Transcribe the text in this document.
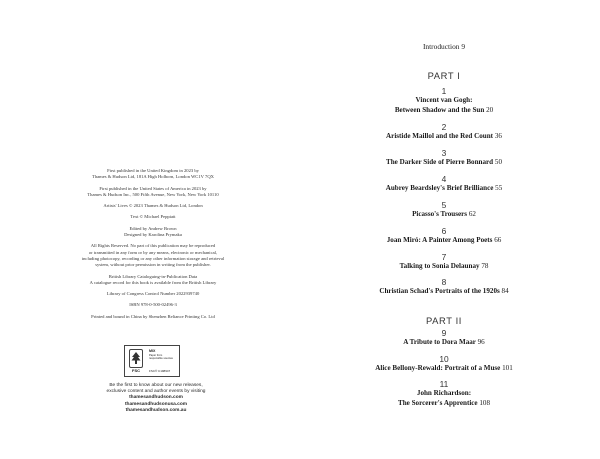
First published in the United Kingdom in 2023 by
Thames & Hudson Ltd, 181A High Holborn, London WC1V 7QX
First published in the United States of America in 2023 by
Thames & Hudson Inc., 500 Fifth Avenue, New York, New York 10110
Artists' Lives © 2023 Thames & Hudson Ltd, London
Text © Michael Peppiatt
Edited by Andrew Brown
Designed by Karolina Prymaka
All Rights Reserved. No part of this publication may be reproduced
or transmitted in any form or by any means, electronic or mechanical,
including photocopy, recording or any other information storage and retrieval
system, without prior permission in writing from the publisher.
British Library Cataloguing-in-Publication Data
A catalogue record for this book is available from the British Library
Library of Congress Control Number 2022939740
ISBN 978-0-500-02496-3
Printed and bound in China by Shenzhen Reliance Printing Co. Ltd
FSC
MIX
Paper from
responsible sources
FSC® C198947
Be the first to know about our new releases,
exclusive content and author events by visiting
thamesandhudson.com
thamesandhudsonusa.com
thamesandhudson.com.au
Introduction 9
PART I
1
Vincent van Gogh:
Between Shadow and the Sun 20
2
Aristide Maillol and the Red Count 36
3
The Darker Side of Pierre Bonnard 50
4
Aubrey Beardsley's Brief Brilliance 55
5
Picasso's Trousers 62
6
Joan Miró: A Painter Among Poets 66
7
Talking to Sonia Delaunay 78
8
Christian Schad's Portraits of the 1920s 84
PART II
9
A Tribute to Dora Maar 96
10
Alice Bellony-Rewald: Portrait of a Muse 101
11
John Richardson:
The Sorcerer's Apprentice 108
